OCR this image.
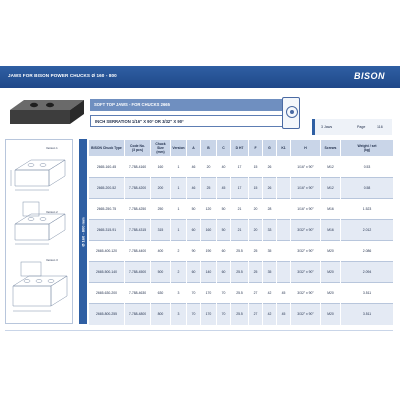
JAWS FOR BISON POWER CHUCKS Ø 160 - 800	BISON
SOFT TOP JAWS - FOR CHUCKS 2665
INCH SERRATION 1/16" X 90° OR 3/32" X 90°
3 Jaws	Page	116
Version 1
Version 2
Version 3
Ø 160 - 800 mm
BISON Chuck Type	Code No.
(3 pcs)	Chuck Size
(mm)	Version	A	B	C	D H7	F	G	K1	H	Screws	Weight / set
(kg)
2665-160-45	7-788-4160	160	1	46	20	40	17	15	26		1/16" x 90°	M12	0.53
2665-200-52	7-788-4200	200	1	46	25	45	17	15	26		1/16" x 90°	M12	0.58
2665-250-75	7-788-4250	250	1	50	120	50	21	20	28		1/16" x 90°	M16	1.523
2665-315-91	7-788-4315	315	1	60	160	50	21	20	33		3/32" x 90°	M16	2.012
2665-400-120	7-788-4400	400	2	90	190	60	25.5	25	35		3/32" x 90°	M20	2.086
2665-500-140	7-788-4500	500	2	60	140	60	25.5	25	35		3/32" x 90°	M20	2.094
2665-630-200	7-788-4630	630	3	70	170	70	25.5	27	42	45	3/32" x 90°	M20	3.511
2665-800-255	7-788-4800	800	3	70	170	70	25.5	27	42	45	3/32" x 90°	M20	3.511
